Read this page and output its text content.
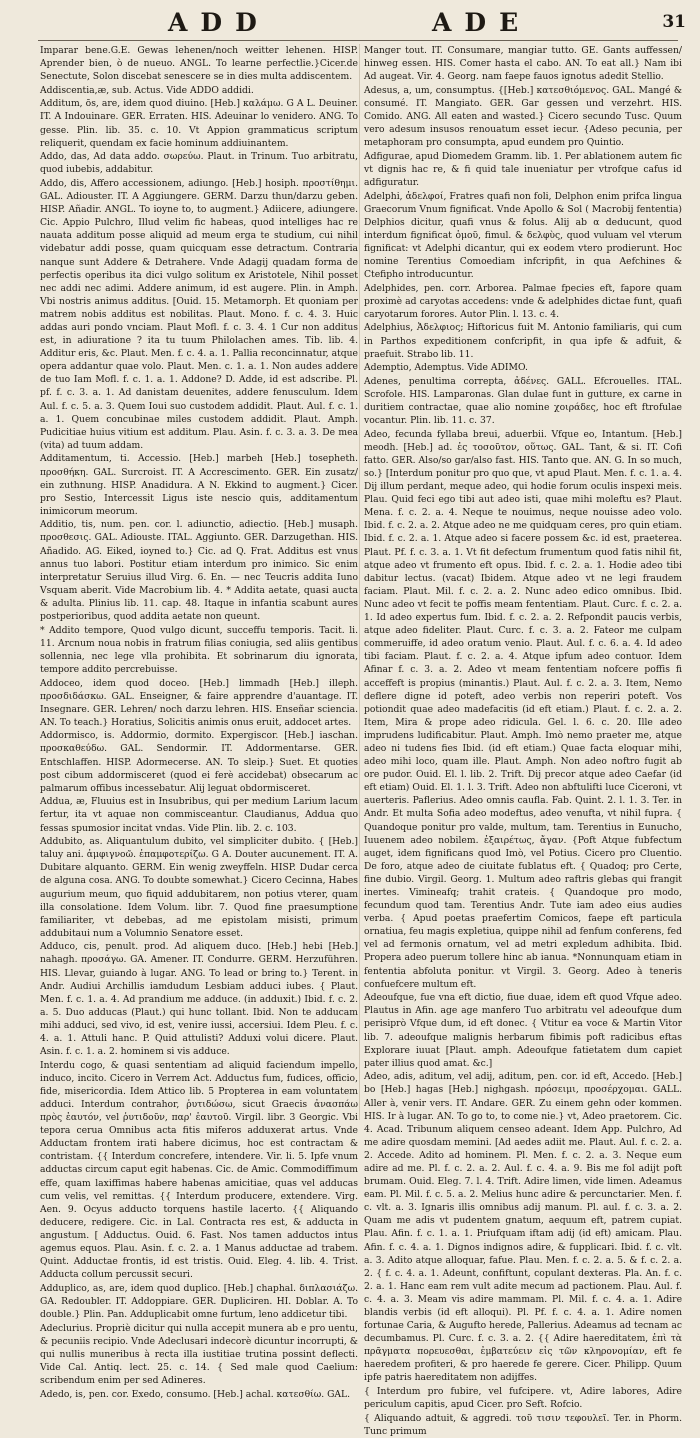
ADD	ADE	31

Imparar bene.G.E. Gewas lehenen/noch weitter lehenen. HISP. Aprender bien, ò de nueuo. ANGL. To learne perfectlie.}Cicer.de Senectute, Solon discebat senescere se in dies multa addiscentem.

Addiscentia,æ, sub. Actus. Vide ADDO addidi.

Additum, ōs, are, idem quod diuino. [Heb.] καλάμω. G A L. Deuiner. IT. A Indouinare. GER. Erraten. HIS. Adeuinar lo venidero. ANG. To gesse. Plin. lib. 35. c. 10. Vt Appion grammaticus scriptum reliquerit, quendam ex facie hominum addiuinantem.

Addo, das, Ad data addo. σωρεύω. Plaut. in Trinum. Tuo arbitratu, quod iubebis, addabitur.

Addo, dis, Affero accessionem, adiungo. [Heb.] hosiph. προστίθημι. GAL. Adiouster. IT. A Aggiungere. GERM. Darzu thun/darzu geben. HISP. Añadir. ANGL. To ioyne to, to augment.} Adiicere, adiungere. Cic. Appio Pulchro, Illud velim fic habeas, quod intelliges hac re nauata additum posse aliquid ad meum erga te studium, cui nihil videbatur addi posse, quam quicquam esse detractum. Contraria nanque sunt Addere & Detrahere. Vnde Adagij quadam forma de perfectis operibus ita dici vulgo solitum ex Aristotele, Nihil posset nec addi nec adimi. Addere animum, id est augere. Plin. in Amph. Vbi nostris animus additus. [Ouid. 15. Metamorph. Et quoniam per matrem nobis additus est nobilitas. Plaut. Mono. f. c. 4. 3. Huic addas auri pondo vnciam. Plaut Mofl. f. c. 3. 4. 1 Cur non additus est, in adiuratione ? ita tu tuum Philolachen ames. Tib. lib. 4. Additur eris, &c. Plaut. Men. f. c. 4. a. 1. Pallia reconcinnatur, atque opera addantur quae volo. Plaut. Men. c. 1. a. 1. Non audes addere de tuo Iam Mofl. f. c. 1. a. 1. Addone? D. Adde, id est adscribe. Pl. pf. f. c. 3. a. 1. Ad danistam deuenites, addere fenusculum. Idem Aul. f. c. 5. a. 3. Quem Ioui suo custodem addidit. Plaut. Aul. f. c. 1. a. 1. Quem concubinae miles custodem addidit. Plaut. Amph. Pudicitiae huius vitium est additum. Plau. Asin. f. c. 3. a. 3. De mea (vita) ad tuum addam.

Additamentum, ti. Accessio. [Heb.] marbeh [Heb.] tosepheth. προσθήκη. GAL. Surcroist. IT. A Accrescimento. GER. Ein zusatz/ ein zuthnung. HISP. Anadidura. A N. Ekkind to augment.} Cicer. pro Sestio, Intercessit Ligus iste nescio quis, additamentum inimicorum meorum.

Additio, tis, num. pen. cor. l. adiunctio, adiectio. [Heb.] musaph. προσθεσις. GAL. Adiouste. ITAL. Aggiunto. GER. Darzugethan. HIS. Añadido. AG. Eiked, ioyned to.} Cic. ad Q. Frat. Additus est vnus annus tuo labori. Postitur etiam interdum pro inimico. Sic enim interpretatur Seruius illud Virg. 6. En. — nec Teucris addita Iuno Vsquam aberit. Vide Macrobium lib. 4. * Addita aetate, quasi aucta & adulta. Plinius lib. 11. cap. 48. Itaque in infantia scabunt aures postperioribus, quod addita aetate non queunt.

* Addito tempore, Quod vulgo dicunt, succeffu temporis. Tacit. li. 11. Arcnum noua nobis in fratrum filias coniugia, sed aliis gentibus sollennia, nec lege vlla prohibita. Et sobrinarum diu ignorata, tempore addito percrebuisse.

Addoceo, idem quod doceo. [Heb.] limmadh [Heb.] illeph. προσδιδάσκω. GAL. Enseigner, & faire apprendre d'auantage. IT. Insegnare. GER. Lehren/ noch darzu lehren. HIS. Enseñar sciencia. AN. To teach.} Horatius, Solicitis animis onus eruit, addocet artes.

Addormisco, is. Addormio, dormito. Expergiscor. [Heb.] iaschan. προσκαθεύδω. GAL. Sendormir. IT. Addormentarse. GER. Entschlaffen. HISP. Adormecerse. AN. To sleip.} Suet. Et quoties post cibum addormisceret (quod ei ferè accidebat) obsecarum ac palmarum offibus incessebatur. Alij leguat obdormisceret.

Addua, æ, Fluuius est in Insubribus, qui per medium Larium lacum fertur, ita vt aquae non commisceantur. Claudianus, Addua quo fessas spumosior incitat vndas. Vide Plin. lib. 2. c. 103.

Addubito, as. Aliquantulum dubito, vel simpliciter dubito. { [Heb.] taluy ani. ἀμφιγνοῶ. ἐπαμφοτερίζω. G A. Douter aucunement. IT. A. Dubitare alquanto. GERM. Ein wenig zweyffeln. HISP. Dudar cerca de alguna cosa. ANG. To doubte somewhat.} Cicero Cecinna, Habes augurium meum, quo fiquid addubitarem, non potius vterer, quam illa consolatione. Idem Volum. libr. 7. Quod fine praesumptione familiariter, vt debebas, ad me epistolam misisti, primum addubitaui num a Volumnio Senatore esset.

Adduco, cis, penult. prod. Ad aliquem duco. [Heb.] hebi [Heb.] nahagh. προσάγω. GA. Amener. IT. Condurre. GERM. Herzuführen. HIS. Llevar, guiando à lugar. ANG. To lead or bring to.} Terent. in Andr. Audiui Archillis iamdudum Lesbiam adduci iubes. { Plaut. Men. f. c. 1. a. 4. Ad prandium me adduce. (in adduxit.) Ibid. f. c. 2. a. 5. Duo adducas (Plaut.) qui hunc tollant. Ibid. Non te adducam mihi adduci, sed vivo, id est, venire iussi, accersiui. Idem Pleu. f. c. 4. a. 1. Attuli hanc. P. Quid attulisti? Adduxi volui dicere. Plaut. Asin. f. c. 1. a. 2. hominem si vis adduce.

Interdu cogo, & quasi sententiam ad aliquid faciendum impello, induco, incito. Cicero in Verrem Act. Adductus fum, fudices, officio, fide, misericordia. Idem Attico lib. 5 Propterea in eam voluntatem adduci. Interdum contrahor, ῥυτιδώσω, sicut Graecis ἀνασπάω πρὸς ἑαυτόν, vel ῥυτιδοῦν, παρ' ἑαυτοῦ. Virgil. libr. 3 Georgic. Vbi tepora cerua Omnibus acta fitis miferos adduxerat artus. Vnde Adductam frontem irati habere dicimus, hoc est contractam & contristam. {{ Interdum concrefere, intendere. Vir. li. 5. Ipfe vnum adductas circum caput egit habenas. Cic. de Amic. Commodiffimum effe, quam laxiffimas habere habenas amicitiae, quas vel adducas cum velis, vel remittas. {{ Interdum producere, extendere. Virg. Aen. 9. Ocyus adducto torquens hastile lacerto. {{ Aliquando deducere, redigere. Cic. in Lal. Contracta res est, & adducta in angustum. [ Adductus. Ouid. 6. Fast. Nos tamen adductos intus agemus equos. Plau. Asin. f. c. 2. a. 1 Manus adductae ad trabem. Quint. Adductae frontis, id est tristis. Ouid. Eleg. 4. lib. 4. Trist. Adducta collum percussit securi.

Adduplico, as, are, idem quod duplico. [Heb.] chaphal. διπλασιάζω. GA. Redoubler. IT. Addoppiare. GER. Dupliciren. HI. Doblar. A. To double.} Plin. Pan. Adduplicabit omne furtum, leno addicetur tibi.

Adeclurius. Propriè dicitur qui nulla accepit munera ab e pro uentu, & pecuniis recipio. Vnde Adeclusari indecorè dicuntur incorrupti, & qui nullis muneribus à recta illa iustitiae trutina possint deflecti. Vide Cal. Antiq. lect. 25. c. 14. { Sed male quod Caelium: scribendum enim per sed Adineres.

Adedo, is, pen. cor. Exedo, consumo. [Heb.] achal. κατεσθίω. GAL.

Manger tout. IT. Consumare, mangiar tutto. GE. Gants auffessen/ hinweg essen. HIS. Comer hasta el cabo. AN. To eat all.} Nam ibi Ad augeat. Vir. 4. Georg. nam faepe fauos ignotus adedit Stellio.

Adesus, a, um, consumptus. {[Heb.] κατεσθιόμενος. GAL. Mangé & consumé. IT. Mangiato. GER. Gar gessen und verzehrt. HIS. Comido. ANG. All eaten and wasted.} Cicero secundo Tusc. Quum vero adesum insusos renouatum esset iecur. {Adeso pecunia, per metaphoram pro consumpta, apud eundem pro Quintio.

Adfigurae, apud Diomedem Gramm. lib. 1. Per ablationem autem fic vt dignis hac re, & fi quid tale inueniatur per vtrofque cafus id adfiguratur.

Adelphi, ἀδελφοί, Fratres quafi non foli, Delphon enim prifca lingua Graecorum Vnum fignificat. Vnde Apollo & Sol ( Macrobij fententia) Delphios dicitur, quafi vnus & folus. Alij ab α deducunt, quod interdum fignificat ὁμοῦ, fimul. & δελφὺς, quod vuluam vel vterum fignificat: vt Adelphi dicantur, qui ex eodem vtero prodierunt. Hoc nomine Terentius Comoediam infcripfit, in qua Aefchines & Ctefipho introducuntur.

Adelphides, pen. corr. Arborea. Palmae fpecies eft, fapore quam proximè ad caryotas accedens: vnde & adelphides dictae funt, quafi caryotarum forores. Autor Plin. l. 13. c. 4.

Adelphius, Ἀδελφιος; Hiftoricus fuit M. Antonio familiaris, qui cum in Parthos expeditionem confcripfit, in qua ipfe & adfuit, & praefuit. Strabo lib. 11.

Ademptio, Ademptus. Vide ADIMO.

Adenes, penultima correpta, ἀδένες. GALL. Efcrouelles. ITAL. Scrofole. HIS. Lamparonas. Glan dulae funt in gutture, ex carne in duritiem contractae, quae alio nomine χοιράδες, hoc eft ftrofulae vocantur. Plin. lib. 11. c. 37.

Adeo, fecunda fyllaba breui, aduerbii. Vfque eo, Intantum. [Heb.] meodh. [Heb.] ad. ἐς τοσοῦτον, οὕτως. GAL. Tant, & si. IT. Cofi fatto. GER. Also/so gar/also fast. HIS. Tanto que. AN. G. In so much, so.} [Interdum ponitur pro quo que, vt apud Plaut. Men. f. c. 1. a. 4. Dij illum perdant, meque adeo, qui hodie forum oculis inspexi meis. Plau. Quid feci ego tibi aut adeo isti, quae mihi moleftu es? Plaut. Mena. f. c. 2. a. 4. Neque te nouimus, neque nouisse adeo volo. Ibid. f. c. 2. a. 2. Atque adeo ne me quidquam ceres, pro quin etiam. Ibid. f. c. 2. a. 1. Atque adeo si facere possem &c. id est, praeterea. Plaut. Pf. f. c. 3. a. 1. Vt fit defectum frumentum quod fatis nihil fit, atque adeo vt frumento eft opus. Ibid. f. c. 2. a. 1. Hodie adeo tibi dabitur lectus. (vacat) Ibidem. Atque adeo vt ne legi fraudem faciam. Plaut. Mil. f. c. 2. a. 2. Nunc adeo edico omnibus. Ibid. Nunc adeo vt fecit te poffis meam fententiam. Plaut. Curc. f. c. 2. a. 1. Id adeo expertus fum. Ibid. f. c. 2. a. 2. Refpondit paucis verbis, atque adeo fideliter. Plaut. Curc. f. c. 3. a. 2. Fateor me culpam commeruiffe, id adeo oratum venio. Plaut. Aul. f. c. 6. a. 4. Id adeo tibi faciam. Plaut. f. c. 2. a. 4. Atque ipfum adeo contuor. Idem Afinar f. c. 3. a. 2. Adeo vt meam fententiam nofcere poffis fi acceffeft is propius (minantis.) Plaut. Aul. f. c. 2. a. 3. Item, Nemo deflere digne id poteft, adeo verbis non reperiri poteft. Vos potiondit quae adeo madefacitis (id eft etiam.) Plaut. f. c. 2. a. 2. Item, Mira & prope adeo ridicula. Gel. l. 6. c. 20. Ille adeo imprudens ludificabitur. Plaut. Amph. Imò nemo praeter me, atque adeo ni tudens fies Ibid. (id eft etiam.) Quae facta eloquar mihi, adeo mihi loco, quam ille. Plaut. Amph. Non adeo noftro fugit ab ore pudor. Ouid. El. l. lib. 2. Trift. Dij precor atque adeo Caefar (id eft etiam) Ouid. El. 1. l. 3. Trift. Adeo non abftulifti luce Ciceroni, vt auerteris. Paflerius. Adeo omnis caufla. Fab. Quint. 2. l. 1. 3. Ter. in Andr. Et multa Sofia adeo modeftus, adeo venufta, vt nihil fupra. { Quandoque ponitur pro valde, multum, tam. Terentius in Eunucho, Iuuenem adeo nobilem. ἐξαιρέτως, ἄγαν. {Poft Atque fubfectum auget, idem fignificans quod Imò, vel Potius. Cicero pro Cluentio. De foro, atque adeo de ciuitate fublatus eft. { Quadoq; pro Certe, fine dubio. Virgil. Georg. 1. Multum adeo raftris glebas qui frangit inertes. Vimineafq; trahit crateis. { Quandoque pro modo, fecundum quod tam. Terentius Andr. Tute iam adeo eius audies verba. { Apud poetas praefertim Comicos, faepe eft particula ornatiua, feu magis expletiua, quippe nihil ad fenfum conferens, fed vel ad fermonis ornatum, vel ad metri expledum adhibita. Ibid. Propera adeo puerum tollere hinc ab ianua. *Nonnunquam etiam in fententia abfoluta ponitur. vt Virgil. 3. Georg. Adeo à teneris confuefcere multum eft.

Adeoufque, fue vna eft dictio, fiue duae, idem eft quod Vfque adeo. Plautus in Afin. age age manfero Tuo arbitratu vel adeoufque dum perisiprò Vfque dum, id eft donec. { Vtitur ea voce & Martin Vitor lib. 7. adeoufque malignis herbarum fibimis poft radicibus eftas Explorare iuuat [Plaut. amph. Adeoufque fatietatem dum capiet pater illius quod amat. &c.]

Adeo, adis, aditum, vel adij, aditum, pen. cor. id eft, Accedo. [Heb.] bo [Heb.] hagas [Heb.] nighgash. πρόσειμι, προσέρχομαι. GALL. Aller à, venir vers. IT. Andare. GER. Zu einem gehn oder kommen. HIS. Ir à lugar. AN. To go to, to come nie.} vt, Adeo praetorem. Cic. 4. Acad. Tribunum aliquem censeo adeant. Idem App. Pulchro, Ad me adire quosdam memini. [Ad aedes adiit me. Plaut. Aul. f. c. 2. a. 2. Accede. Adito ad hominem. Pl. Men. f. c. 2. a. 3. Neque eum adire ad me. Pl. f. c. 2. a. 2. Aul. f. c. 4. a. 9. Bis me fol adijt poft brumam. Ouid. Eleg. 7. l. 4. Trift. Adire limen, vide limen. Adeamus eam. Pl. Mil. f. c. 5. a. 2. Melius hunc adire & percunctarier. Men. f. c. vlt. a. 3. Ignaris illis omnibus adij manum. Pl. aul. f. c. 3. a. 2. Quam me adis vt pudentem gnatum, aequum eft, patrem cupiat. Plau. Afin. f. c. 1. a. 1. Priufquam iftam adij (id eft) amicam. Plau. Afin. f. c. 4. a. 1. Dignos indignos adire, & fupplicari. Ibid. f. c. vlt. a. 3. Adito atque alloquar, fafue. Plau. Men. f. c. 2. a. 5. & f. c. 2. a. 2. { f. c. 4. a. 1. Adeunt, confiftunt, copulant dexteras. Pla. An. f. c. 2. a. 1. Hanc eam rem vult adite mecum ad pactionem. Plau. Aul. f. c. 4. a. 3. Meam vis adire mammam. Pl. Mil. f. c. 4. a. 1. Adire blandis verbis (id eft alloqui). Pl. Pf. f. c. 4. a. 1. Adire nomen fortunae Caria, & Augufto herede, Pallerius. Adeamus ad tecnam ac decumbamus. Pl. Curc. f. c. 3. a. 2. {{ Adire haereditatem, ἐπὶ τὰ πρᾶγματα πορευεσθαι, ἐμβατεύειν εἰς τῶν κληρονομίαν, eft fe haeredem profiteri, & pro haerede fe gerere. Cicer. Philipp. Quum ipfe patris haereditatem non adijffes.

{ Interdum pro fubire, vel fufcipere. vt, Adire labores, Adire periculum capitis, apud Cicer. pro Seft. Rofcio.

{ Aliquando adtuit, & aggredi. τοῦ τισιν τεφουλεῖ. Ter. in Phorm. Tunc primum
